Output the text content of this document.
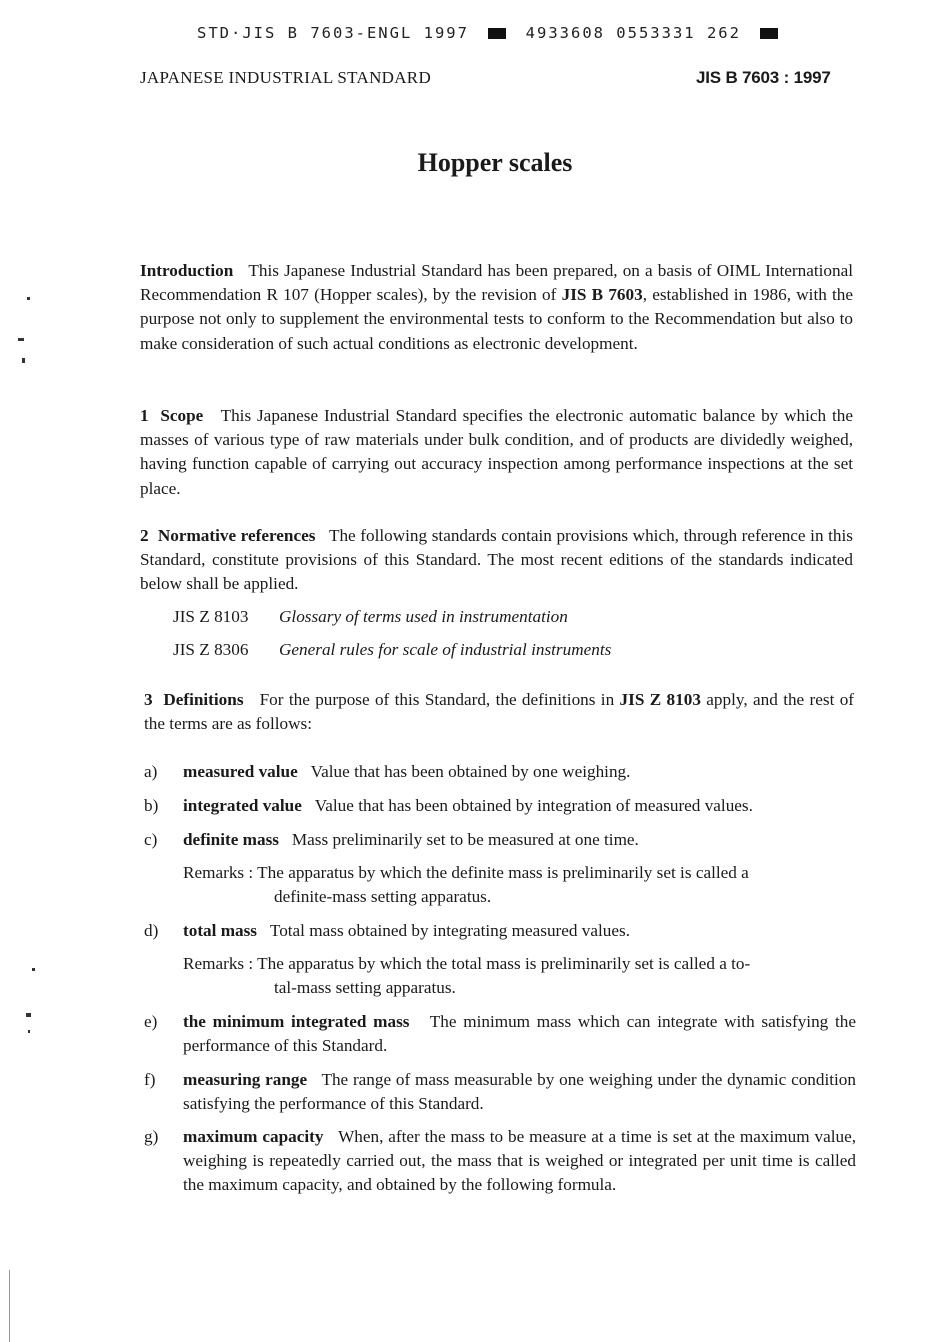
STD·JIS B 7603-ENGL 1997	4933608 0553331 262
JAPANESE INDUSTRIAL STANDARD	JIS B 7603 : 1997
Hopper scales
Introduction This Japanese Industrial Standard has been prepared, on a basis of OIML International Recommendation R 107 (Hopper scales), by the revision of JIS B 7603, established in 1986, with the purpose not only to supplement the environmental tests to conform to the Recommendation but also to make consideration of such actual conditions as electronic development.
1 Scope This Japanese Industrial Standard specifies the electronic automatic balance by which the masses of various type of raw materials under bulk condition, and of products are dividedly weighed, having function capable of carrying out accuracy inspection among performance inspections at the set place.
2 Normative references The following standards contain provisions which, through reference in this Standard, constitute provisions of this Standard. The most recent editions of the standards indicated below shall be applied.
JIS Z 8103 Glossary of terms used in instrumentation
JIS Z 8306 General rules for scale of industrial instruments
3 Definitions For the purpose of this Standard, the definitions in JIS Z 8103 apply, and the rest of the terms are as follows:
a) measured value Value that has been obtained by one weighing.
b) integrated value Value that has been obtained by integration of measured values.
c) definite mass Mass preliminarily set to be measured at one time.
Remarks : The apparatus by which the definite mass is preliminarily set is called a
definite-mass setting apparatus.
d) total mass Total mass obtained by integrating measured values.
Remarks : The apparatus by which the total mass is preliminarily set is called a to-
tal-mass setting apparatus.
e) the minimum integrated mass The minimum mass which can integrate with satisfying the performance of this Standard.
f) measuring range The range of mass measurable by one weighing under the dynamic condition satisfying the performance of this Standard.
g) maximum capacity When, after the mass to be measure at a time is set at the maximum value, weighing is repeatedly carried out, the mass that is weighed or integrated per unit time is called the maximum capacity, and obtained by the following formula.
